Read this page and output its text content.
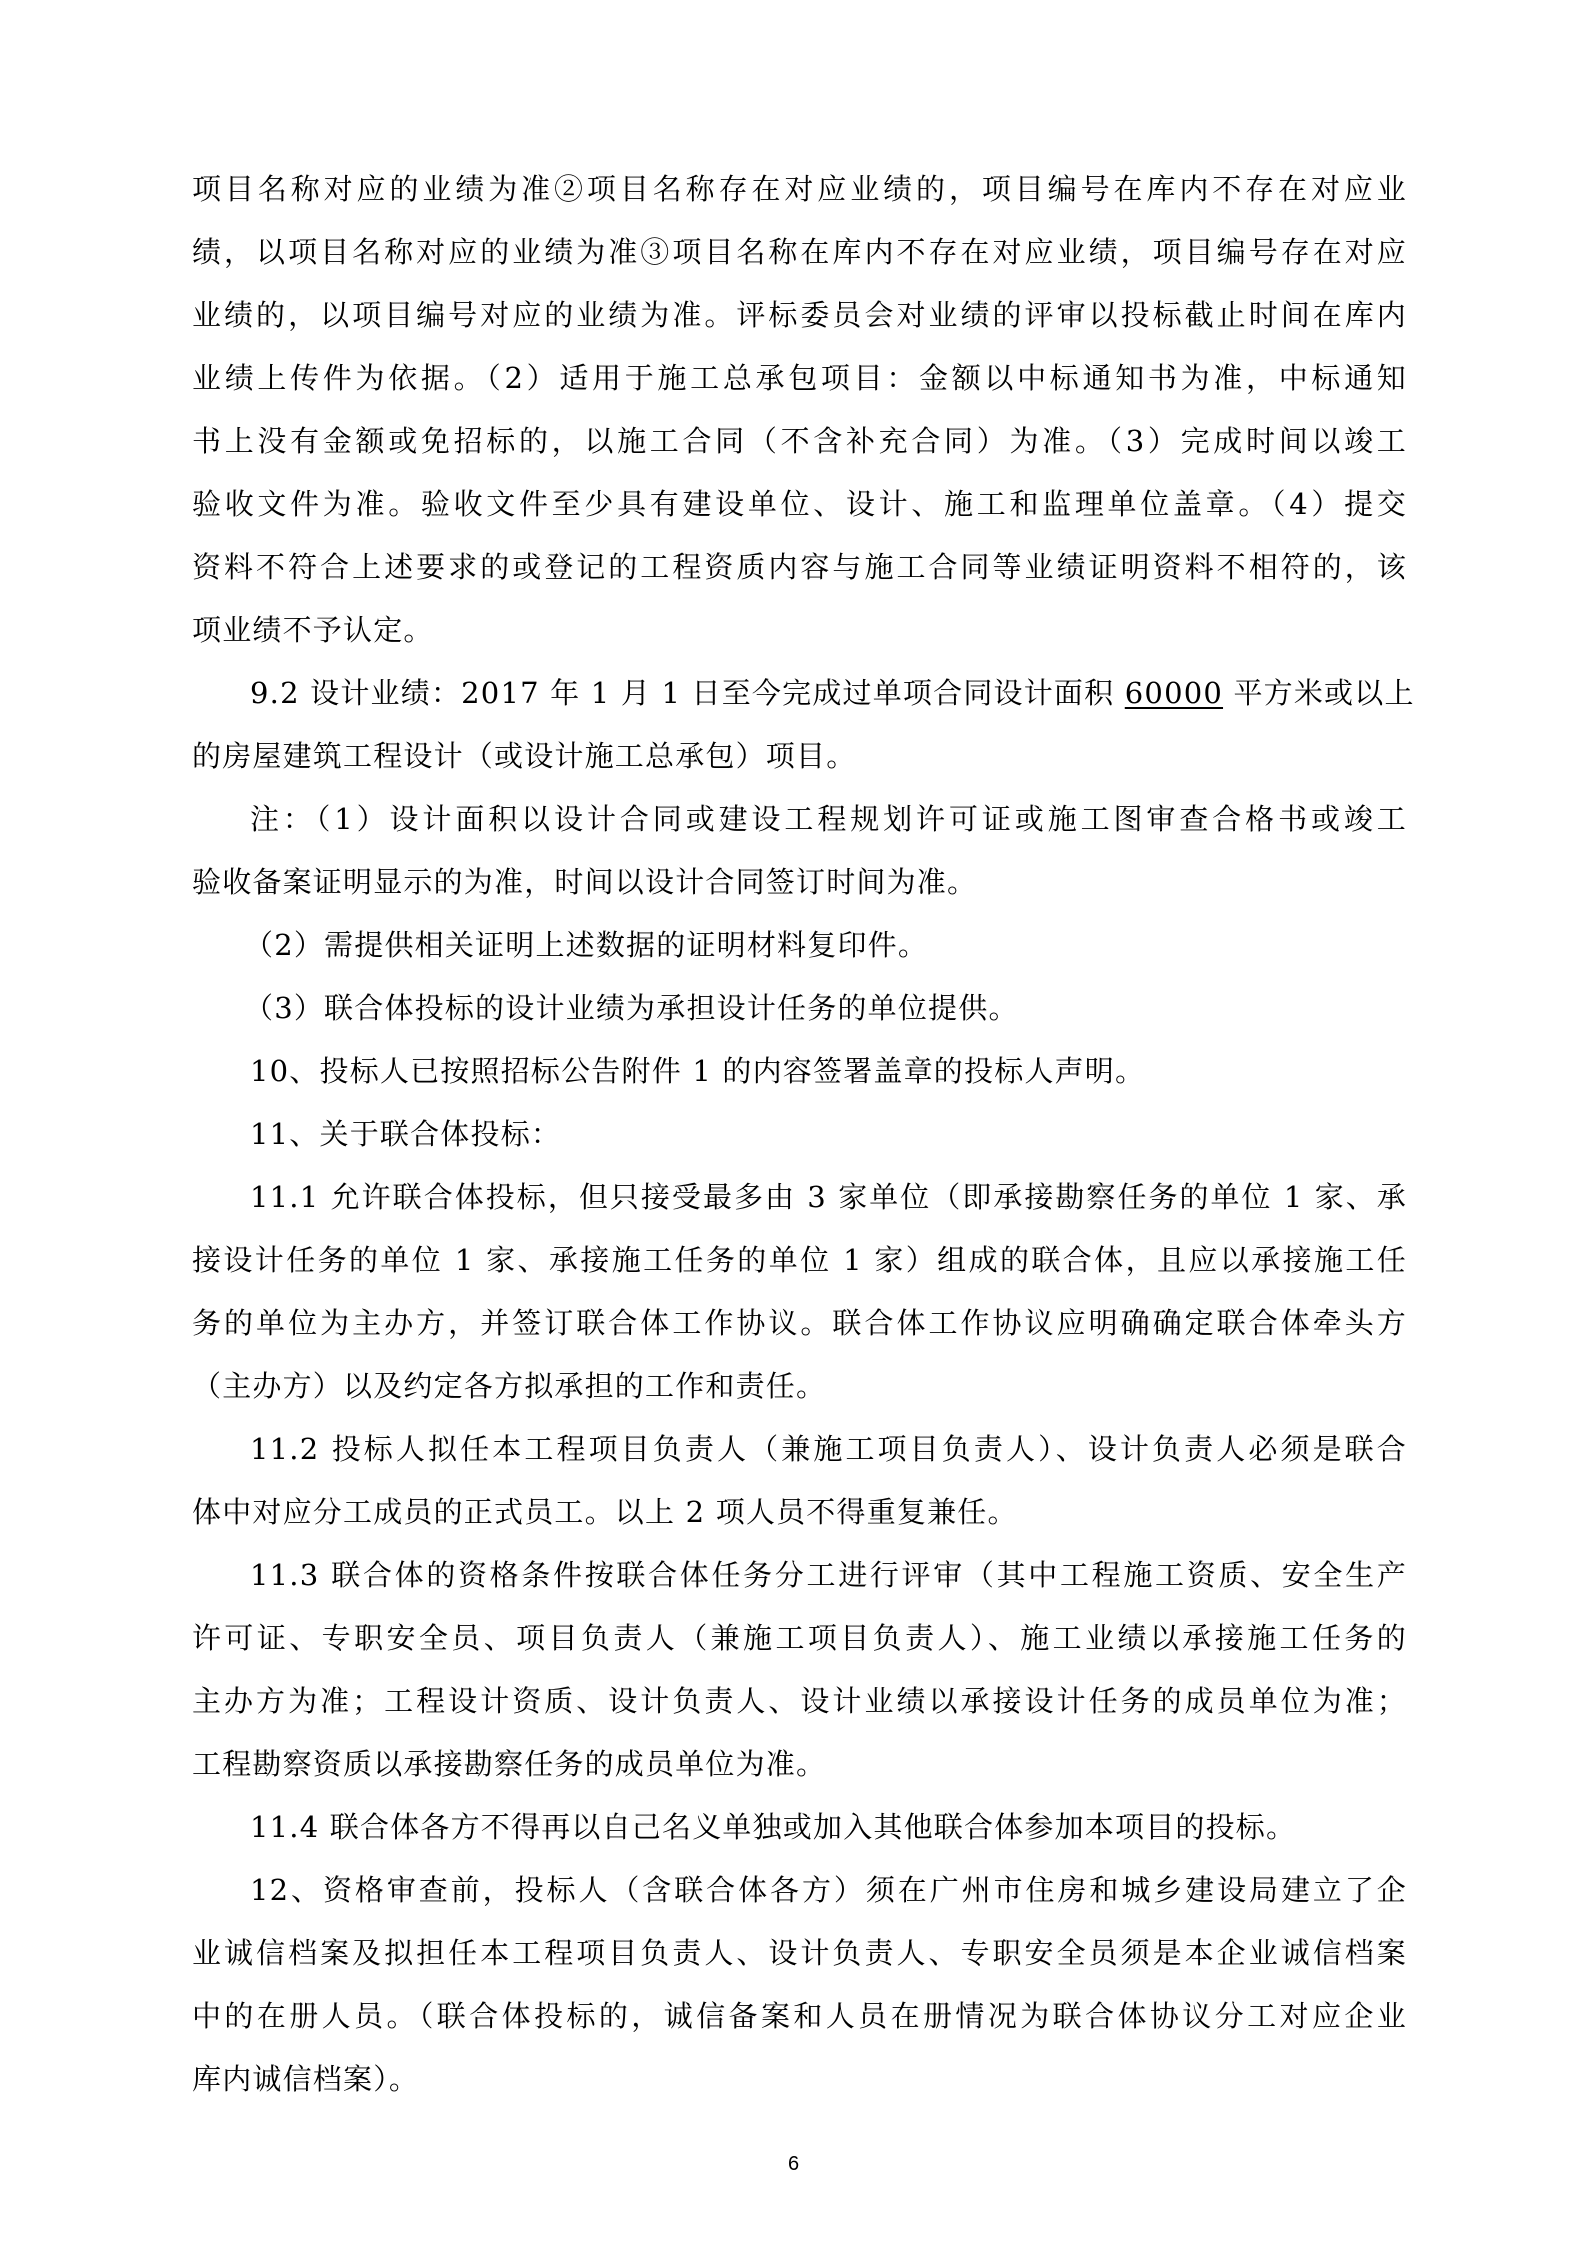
项目名称对应的业绩为准②项目名称存在对应业绩的，项目编号在库内不存在对应业
绩，以项目名称对应的业绩为准③项目名称在库内不存在对应业绩，项目编号存在对应
业绩的，以项目编号对应的业绩为准。评标委员会对业绩的评审以投标截止时间在库内
业绩上传件为依据。（2）适用于施工总承包项目：金额以中标通知书为准，中标通知
书上没有金额或免招标的，以施工合同（不含补充合同）为准。（3）完成时间以竣工
验收文件为准。验收文件至少具有建设单位、设计、施工和监理单位盖章。（4）提交
资料不符合上述要求的或登记的工程资质内容与施工合同等业绩证明资料不相符的，该
项业绩不予认定。

9.2 设计业绩：2017 年 1 月 1 日至今完成过单项合同设计面积 60000 平方米或以上
的房屋建筑工程设计（或设计施工总承包）项目。

注：（1）设计面积以设计合同或建设工程规划许可证或施工图审查合格书或竣工
验收备案证明显示的为准，时间以设计合同签订时间为准。

（2）需提供相关证明上述数据的证明材料复印件。

（3）联合体投标的设计业绩为承担设计任务的单位提供。

10、投标人已按照招标公告附件 1 的内容签署盖章的投标人声明。

11、关于联合体投标：

11.1 允许联合体投标，但只接受最多由 3 家单位（即承接勘察任务的单位 1 家、承
接设计任务的单位 1 家、承接施工任务的单位 1 家）组成的联合体，且应以承接施工任
务的单位为主办方，并签订联合体工作协议。联合体工作协议应明确确定联合体牵头方
（主办方）以及约定各方拟承担的工作和责任。

11.2 投标人拟任本工程项目负责人（兼施工项目负责人）、设计负责人必须是联合
体中对应分工成员的正式员工。以上 2 项人员不得重复兼任。

11.3 联合体的资格条件按联合体任务分工进行评审（其中工程施工资质、安全生产
许可证、专职安全员、项目负责人（兼施工项目负责人）、施工业绩以承接施工任务的
主办方为准；工程设计资质、设计负责人、设计业绩以承接设计任务的成员单位为准；
工程勘察资质以承接勘察任务的成员单位为准。

11.4 联合体各方不得再以自己名义单独或加入其他联合体参加本项目的投标。

12、资格审查前，投标人（含联合体各方）须在广州市住房和城乡建设局建立了企
业诚信档案及拟担任本工程项目负责人、设计负责人、专职安全员须是本企业诚信档案
中的在册人员。（联合体投标的，诚信备案和人员在册情况为联合体协议分工对应企业
库内诚信档案）。

6
